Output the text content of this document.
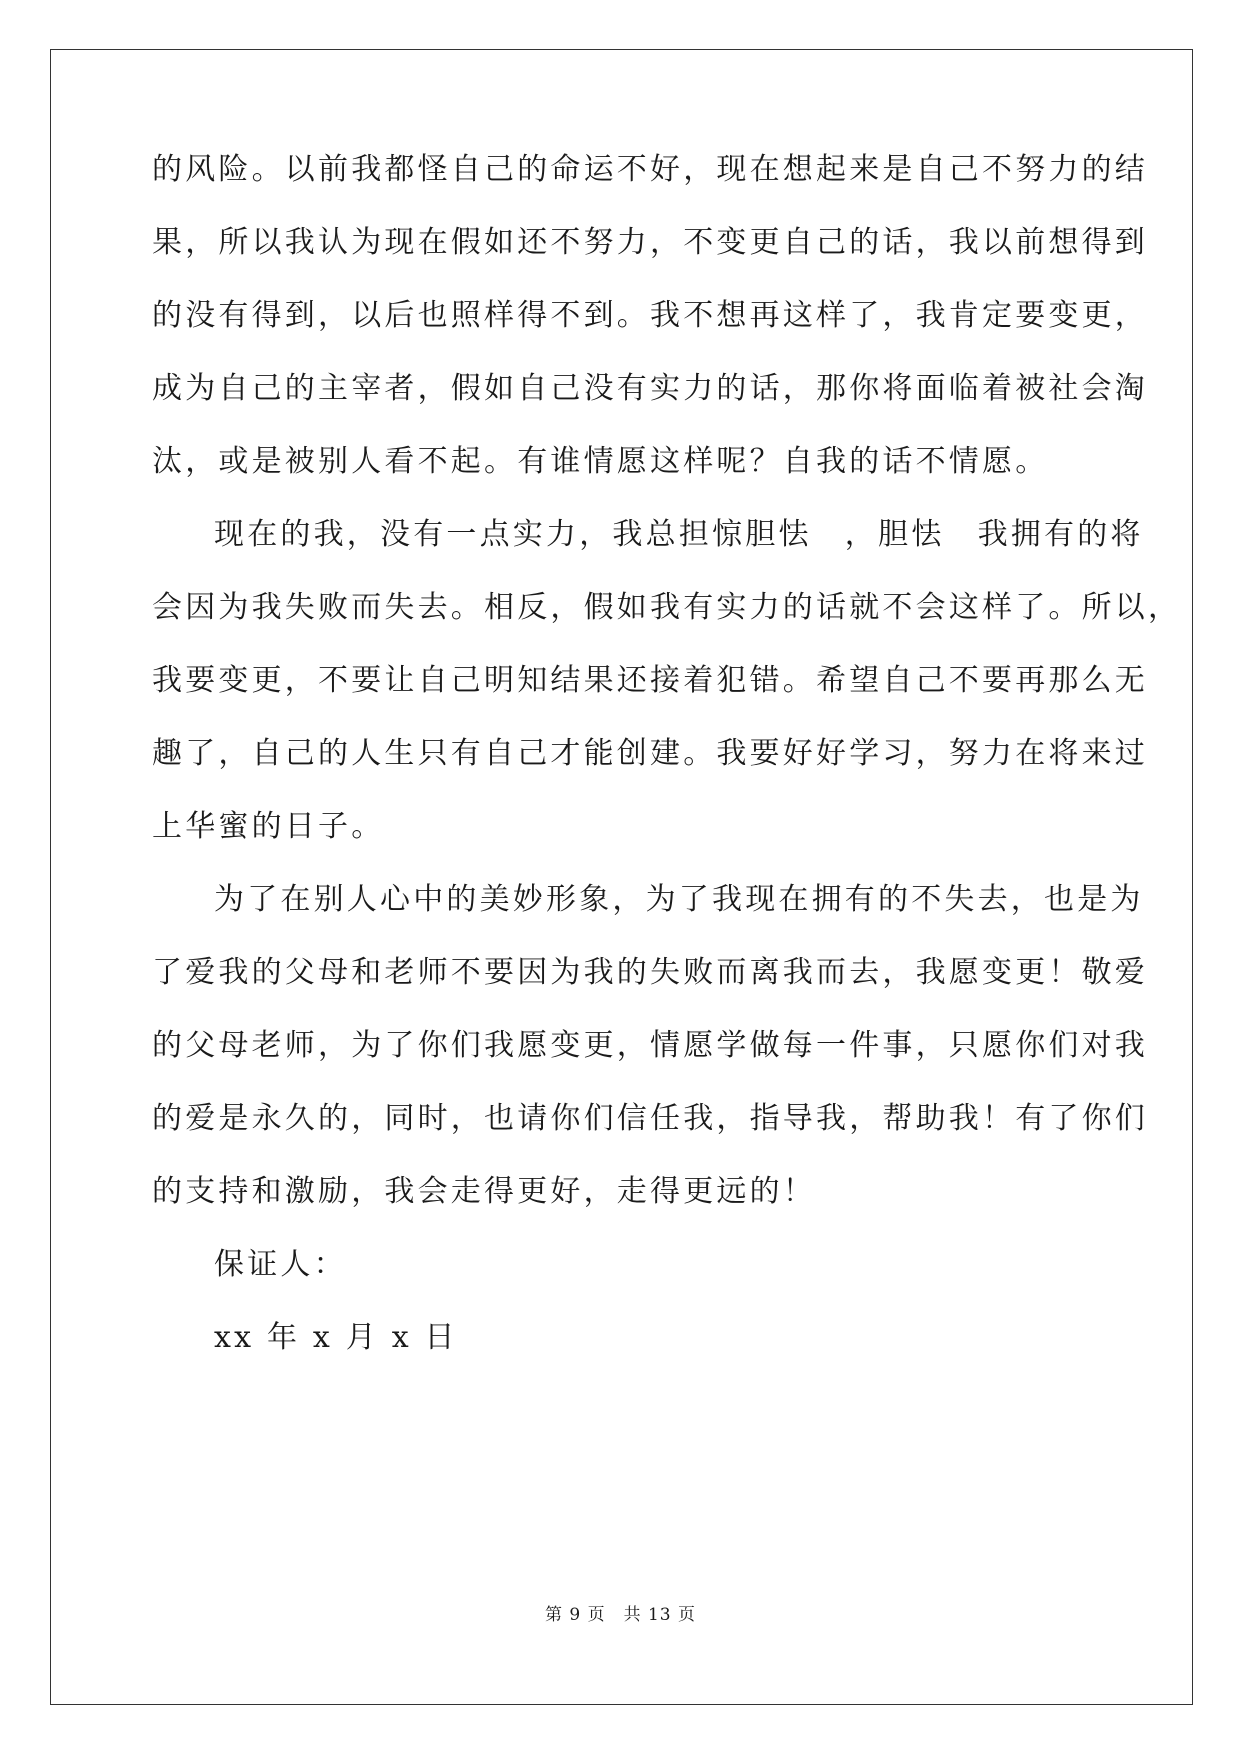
的风险。以前我都怪自己的命运不好，现在想起来是自己不努力的结
果，所以我认为现在假如还不努力，不变更自己的话，我以前想得到
的没有得到，以后也照样得不到。我不想再这样了，我肯定要变更，
成为自己的主宰者，假如自己没有实力的话，那你将面临着被社会淘
汰，或是被别人看不起。有谁情愿这样呢？自我的话不情愿。
现在的我，没有一点实力，我总担惊胆怯　，胆怯　我拥有的将
会因为我失败而失去。相反，假如我有实力的话就不会这样了。所以，
我要变更，不要让自己明知结果还接着犯错。希望自己不要再那么无
趣了，自己的人生只有自己才能创建。我要好好学习，努力在将来过
上华蜜的日子。
为了在别人心中的美妙形象，为了我现在拥有的不失去，也是为
了爱我的父母和老师不要因为我的失败而离我而去，我愿变更！敬爱
的父母老师，为了你们我愿变更，情愿学做每一件事，只愿你们对我
的爱是永久的，同时，也请你们信任我，指导我，帮助我！有了你们
的支持和激励，我会走得更好，走得更远的！
保证人：
xx 年 x 月 x 日
第 9 页　共 13 页
